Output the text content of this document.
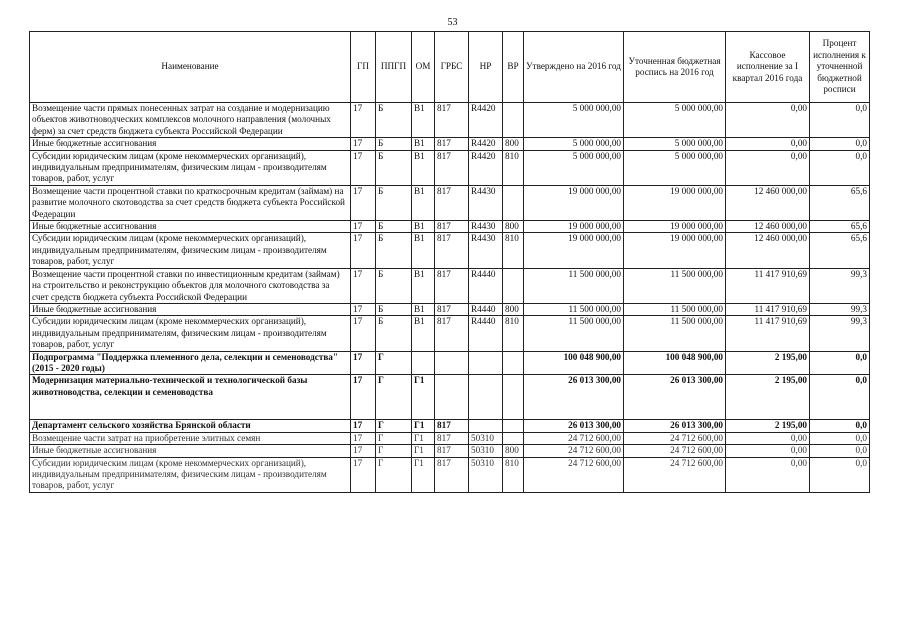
53
Наименование	ГП	ППГП	ОМ	ГРБС	НР	ВР	Утверждено на 2016 год	Уточненная бюджетная роспись на 2016 год	Кассовое исполнение за I квартал 2016 года	Процент исполнения к уточненной бюджетной росписи
Возмещение части прямых понесенных затрат на создание и модернизацию объектов животноводческих комплексов молочного направления (молочных ферм) за счет средств бюджета субъекта Российской Федерации	17	Б	В1	817	R4420		5 000 000,00	5 000 000,00	0,00	0,0
Иные бюджетные ассигнования	17	Б	В1	817	R4420	800	5 000 000,00	5 000 000,00	0,00	0,0
Субсидии юридическим лицам (кроме некоммерческих организаций), индивидуальным предпринимателям, физическим лицам - производителям товаров, работ, услуг	17	Б	В1	817	R4420	810	5 000 000,00	5 000 000,00	0,00	0,0
Возмещение части процентной ставки по краткосрочным кредитам (займам) на развитие молочного скотоводства за счет средств бюджета субъекта Российской Федерации	17	Б	В1	817	R4430		19 000 000,00	19 000 000,00	12 460 000,00	65,6
Иные бюджетные ассигнования	17	Б	В1	817	R4430	800	19 000 000,00	19 000 000,00	12 460 000,00	65,6
Субсидии юридическим лицам (кроме некоммерческих организаций), индивидуальным предпринимателям, физическим лицам - производителям товаров, работ, услуг	17	Б	В1	817	R4430	810	19 000 000,00	19 000 000,00	12 460 000,00	65,6
Возмещение части процентной ставки по инвестиционным кредитам (займам) на строительство и реконструкцию объектов для молочного скотоводства за счет средств бюджета субъекта Российской Федерации	17	Б	В1	817	R4440		11 500 000,00	11 500 000,00	11 417 910,69	99,3
Иные бюджетные ассигнования	17	Б	В1	817	R4440	800	11 500 000,00	11 500 000,00	11 417 910,69	99,3
Субсидии юридическим лицам (кроме некоммерческих организаций), индивидуальным предпринимателям, физическим лицам - производителям товаров, работ, услуг	17	Б	В1	817	R4440	810	11 500 000,00	11 500 000,00	11 417 910,69	99,3
Подпрограмма "Поддержка племенного дела, селекции и семеноводства" (2015 - 2020 годы)	17	Г					100 048 900,00	100 048 900,00	2 195,00	0,0
Модернизация материально-технической и технологической базы животноводства, селекции и семеноводства	17	Г	Г1				26 013 300,00	26 013 300,00	2 195,00	0,0
Департамент сельского хозяйства Брянской области	17	Г	Г1	817			26 013 300,00	26 013 300,00	2 195,00	0,0
Возмещение части затрат на приобретение элитных семян	17	Г	Г1	817	50310		24 712 600,00	24 712 600,00	0,00	0,0
Иные бюджетные ассигнования	17	Г	Г1	817	50310	800	24 712 600,00	24 712 600,00	0,00	0,0
Субсидии юридическим лицам (кроме некоммерческих организаций), индивидуальным предпринимателям, физическим лицам - производителям товаров, работ, услуг	17	Г	Г1	817	50310	810	24 712 600,00	24 712 600,00	0,00	0,0
